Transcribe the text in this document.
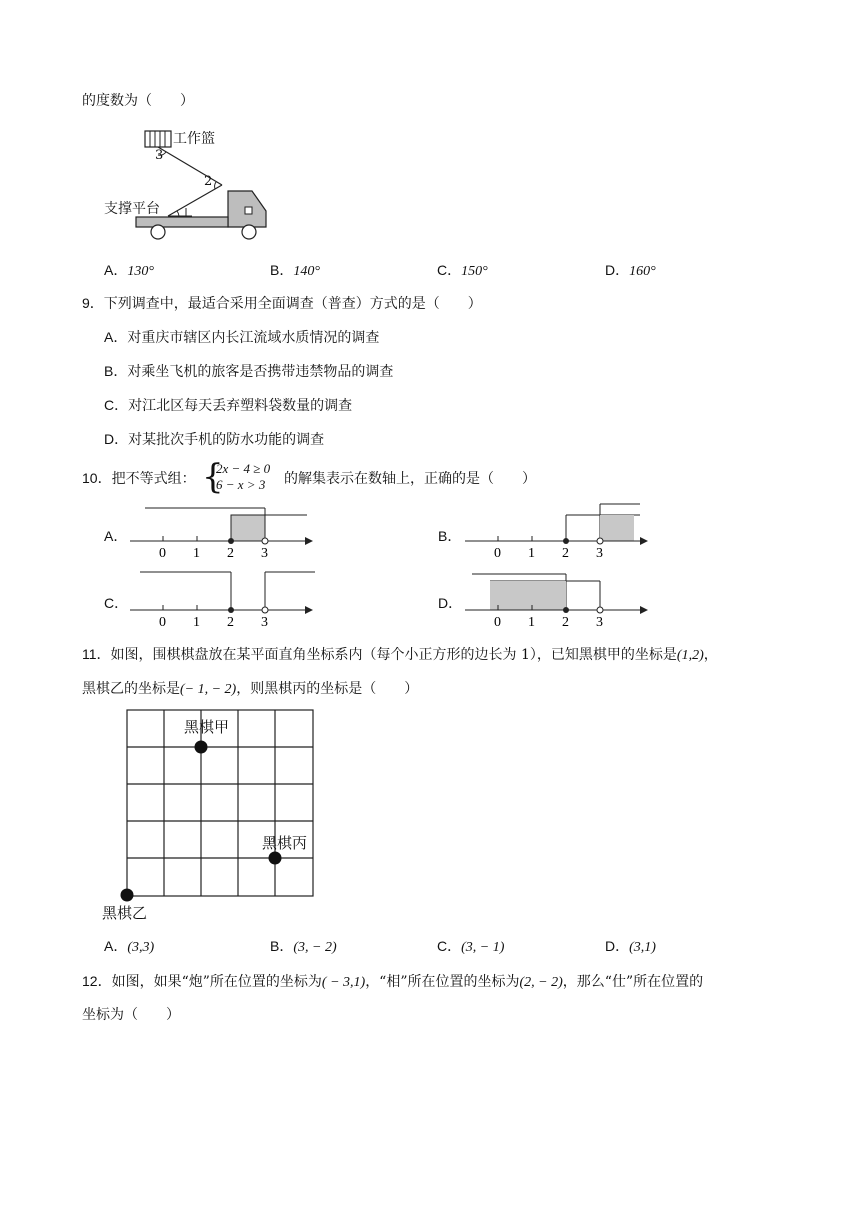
的度数为（　　）
工作篮
支撑平台
3
2
A．130°	B．140°	C．150°	D．160°
9．下列调查中，最适合采用全面调查（普查）方式的是（　　）
A．对重庆市辖区内长江流域水质情况的调查
B．对乘坐飞机的旅客是否携带违禁物品的调查
C．对江北区每天丢弃塑料袋数量的调查
D．对某批次手机的防水功能的调查
10．把不等式组： {
2x − 4 ≥ 0
6 − x > 3 的解集表示在数轴上，正确的是（　　）
A．
0 1 2 3
B．
0 1 2 3
C．
0 1 2 3
D．
0 1 2 3
11．如图，围棋棋盘放在某平面直角坐标系内（每个小正方形的边长为 1），已知黑棋甲的坐标是(1,2)，
黑棋乙的坐标是(− 1, − 2)，则黑棋丙的坐标是（　　）
黑棋甲
黑棋丙
黑棋乙
A．(3,3)	B．(3, − 2)	C．(3, − 1)	D．(3,1)
12．如图，如果“炮”所在位置的坐标为( − 3,1)，“相”所在位置的坐标为(2, − 2)，那么“仕”所在位置的
坐标为（　　）
